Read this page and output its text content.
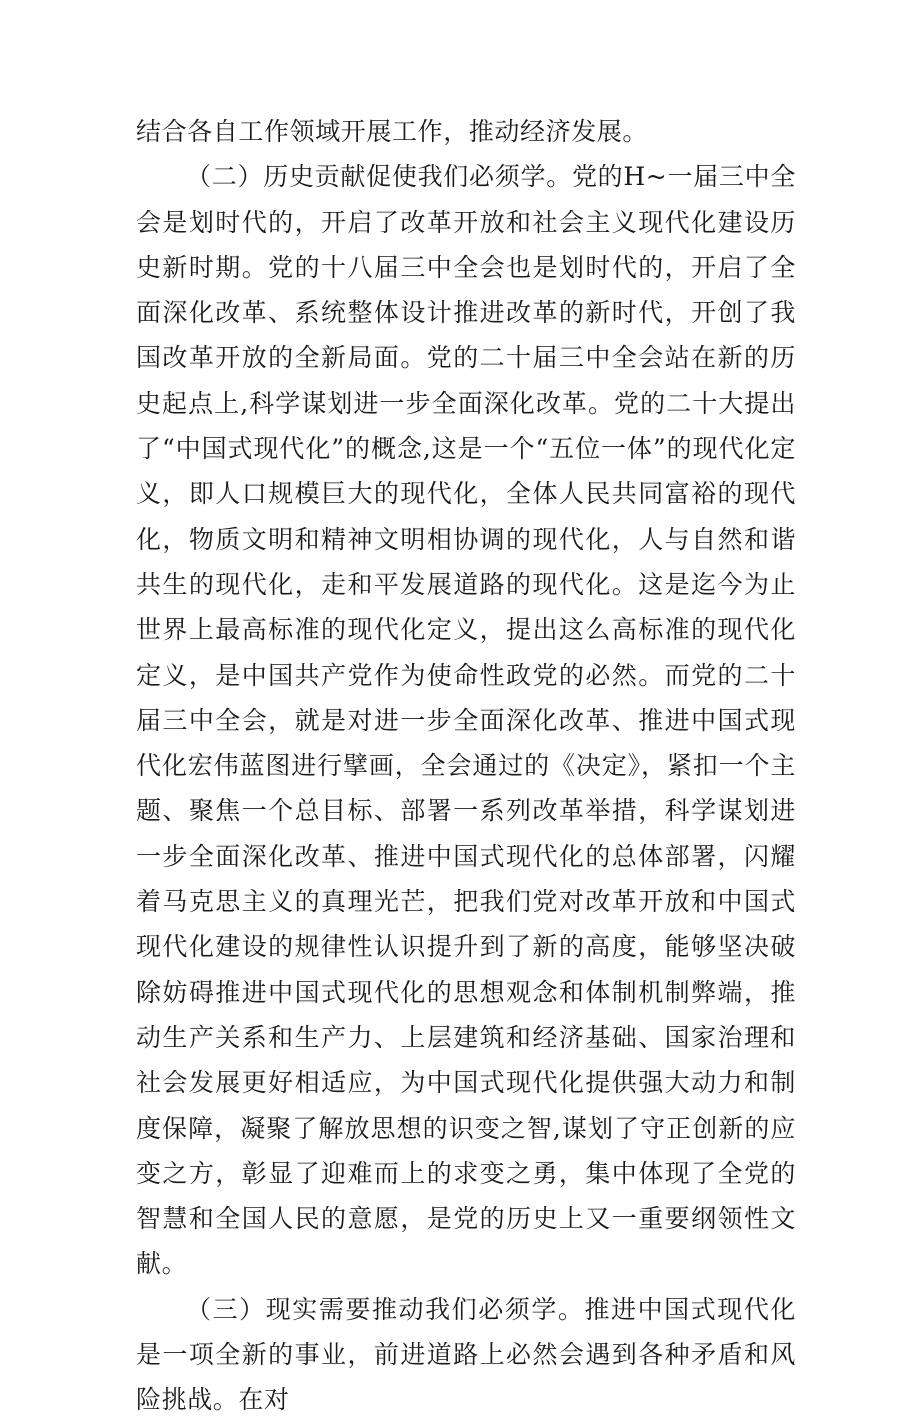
结合各自工作领域开展工作，推动经济发展。

（二）历史贡献促使我们必须学。党的H~一届三中全会是划时代的，开启了改革开放和社会主义现代化建设历史新时期。党的十八届三中全会也是划时代的，开启了全面深化改革、系统整体设计推进改革的新时代，开创了我国改革开放的全新局面。党的二十届三中全会站在新的历史起点上,科学谋划进一步全面深化改革。党的二十大提出了“中国式现代化”的概念,这是一个“五位一体”的现代化定义，即人口规模巨大的现代化，全体人民共同富裕的现代化，物质文明和精神文明相协调的现代化，人与自然和谐共生的现代化，走和平发展道路的现代化。这是迄今为止世界上最高标准的现代化定义，提出这么高标准的现代化定义，是中国共产党作为使命性政党的必然。而党的二十届三中全会，就是对进一步全面深化改革、推进中国式现代化宏伟蓝图进行擘画，全会通过的《决定》，紧扣一个主题、聚焦一个总目标、部署一系列改革举措，科学谋划进一步全面深化改革、推进中国式现代化的总体部署，闪耀着马克思主义的真理光芒，把我们党对改革开放和中国式现代化建设的规律性认识提升到了新的高度，能够坚决破除妨碍推进中国式现代化的思想观念和体制机制弊端，推动生产关系和生产力、上层建筑和经济基础、国家治理和社会发展更好相适应，为中国式现代化提供强大动力和制度保障，凝聚了解放思想的识变之智,谋划了守正创新的应变之方，彰显了迎难而上的求变之勇，集中体现了全党的智慧和全国人民的意愿，是党的历史上又一重要纲领性文献。

（三）现实需要推动我们必须学。推进中国式现代化是一项全新的事业，前进道路上必然会遇到各种矛盾和风险挑战。在对
